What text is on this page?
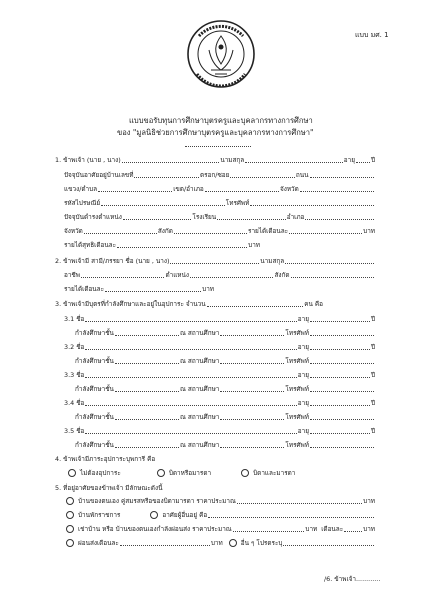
แบบ มศ. 1
แบบขอรับทุนการศึกษาบุตรครูและบุคลากรทางการศึกษา
ของ "มูลนิธิช่วยการศึกษาบุตรครูและบุคลากรทางการศึกษา"
1.
ข้าพเจ้า (นาย , นาง)	นามสกุล	อายุ	ปี
ปัจจุบันอาศัยอยู่บ้านเลขที่	ตรอก/ซอย	ถนน
แขวง/ตำบล	เขต/อำเภอ	จังหวัด
รหัสไปรษณีย์	โทรศัพท์
ปัจจุบันดำรงตำแหน่ง	โรงเรียน	อำเภอ
จังหวัด	สังกัด	รายได้เดือนละ	บาท
รายได้สุทธิเดือนละ	บาท
2.
ข้าพเจ้ามี สามี/ภรรยา ชื่อ (นาย , นาง)	นามสกุล
อาชีพ	ตำแหน่ง	สังกัด
รายได้เดือนละ	บาท
3.
ข้าพเจ้ามีบุตรที่กำลังศึกษาและอยู่ในอุปการะ จำนวน	คน คือ
3.1
ชื่อ	อายุ	ปี
กำลังศึกษาชั้น	ณ สถานศึกษา	โทรศัพท์
3.2
ชื่อ	อายุ	ปี
กำลังศึกษาชั้น	ณ สถานศึกษา	โทรศัพท์
3.3
ชื่อ	อายุ	ปี
กำลังศึกษาชั้น	ณ สถานศึกษา	โทรศัพท์
3.4
ชื่อ	อายุ	ปี
กำลังศึกษาชั้น	ณ สถานศึกษา	โทรศัพท์
3.5
ชื่อ	อายุ	ปี
กำลังศึกษาชั้น	ณ สถานศึกษา	โทรศัพท์
4. ข้าพเจ้ามีภาระอุปการะบุพการี คือ
ไม่ต้องอุปการะ	บิดาหรือมารดา	บิดาและมารดา
5. ที่อยู่อาศัยของข้าพเจ้า มีลักษณะดังนี้
บ้านของตนเอง คู่สมรสหรือของบิดามารดา ราคาประมาณ	บาท
บ้านพักราชการ	อาศัยผู้อื่นอยู่ คือ
เช่าบ้าน หรือ บ้านของตนเองกำลังผ่อนส่ง ราคาประมาณ	บาท เดือนละ	บาท
ผ่อนส่งเดือนละ	บาท	อื่น ๆ โปรดระบุ
/6. ข้าพเจ้า............
